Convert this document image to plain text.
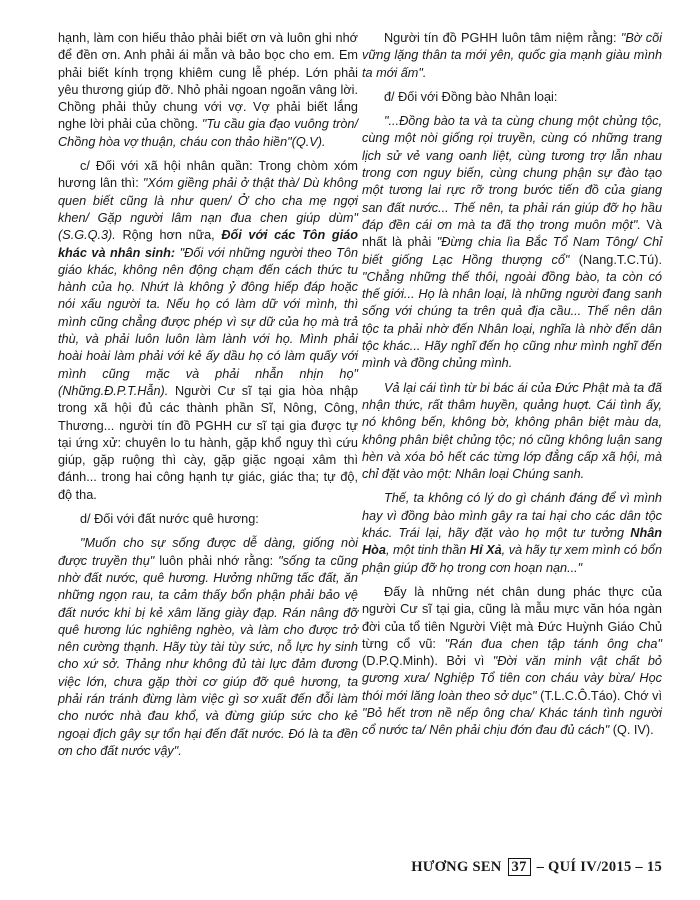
hạnh, làm con hiếu thảo phải biết ơn và luôn ghi nhớ để đền ơn. Anh phải ái mẫn và bảo bọc cho em. Em phải biết kính trọng khiêm cung lễ phép. Lớn phải yêu thương giúp đỡ. Nhỏ phải ngoan ngoãn vâng lời. Chồng phải thủy chung với vợ. Vợ phải biết lắng nghe lời phải của chồng. "Tu cầu gia đạo vuông tròn/ Chồng hòa vợ thuận, cháu con thảo hiền"(Q.V).

c/ Đối với xã hội nhân quần: Trong chòm xóm hương lân thì: "Xóm giềng phải ở thật thà/ Dù không quen biết cũng là như quen/ Ở cho cha mẹ ngợi khen/ Gặp người lâm nạn đua chen giúp dùm" (S.G.Q.3). Rộng hơn nữa, Đối với các Tôn giáo khác và nhân sinh: "Đối với những người theo Tôn giáo khác, không nên động chạm đến cách thức tu hành của họ. Nhứt là không ỷ đông hiếp đáp hoặc nói xấu người ta. Nếu họ có làm dữ với mình, thì mình cũng chẳng được phép vì sự dữ của họ mà trả thù, và phải luôn luôn làm lành với họ. Mình phải hoài hoài làm phải với kẻ ấy dầu họ có làm quấy với mình cũng mặc và phải nhẫn nhịn họ" (Những.Đ.P.T.Hẫn). Người Cư sĩ tại gia hòa nhập trong xã hội đủ các thành phần Sĩ, Nông, Công, Thương... người tín đồ PGHH cư sĩ tại gia được tự tại ứng xử: chuyên lo tu hành, gặp khổ nguy thì cứu giúp, gặp ruộng thì cày, gặp giặc ngoại xâm thì đánh... trong hai công hạnh tự giác, giác tha; tự độ, độ tha.

d/ Đối với đất nước quê hương:

"Muốn cho sự sống được dễ dàng, giống nòi được truyền thụ" luôn phải nhớ rằng: "sống ta cũng nhờ đất nước, quê hương. Hưởng những tấc đất, ăn những ngọn rau, ta cảm thấy bổn phận phải bảo vệ đất nước khi bị kẻ xâm lăng giày đạp. Rán nâng đỡ quê hương lúc nghiêng nghèo, và làm cho được trở nên cường thạnh. Hãy tùy tài tùy sức, nỗ lực hy sinh cho xứ sở. Thảng như không đủ tài lực đảm đương việc lớn, chưa gặp thời cơ giúp đỡ quê hương, ta phải rán tránh đừng làm việc gì sơ xuất đến đỗi làm cho nước nhà đau khổ, và đừng giúp sức cho kẻ ngoại địch gây sự tổn hại đến đất nước. Đó là ta đền ơn cho đất nước vậy".

Người tín đồ PGHH luôn tâm niệm rằng: "Bờ cõi vững lặng thân ta mới yên, quốc gia mạnh giàu mình ta mới ấm".

đ/ Đối với Đồng bào Nhân loại:

"...Đồng bào ta và ta cùng chung một chủng tộc, cùng một nòi giống rọi truyền, cùng có những trang lịch sử vẻ vang oanh liệt, cùng tương trợ lẫn nhau trong cơn nguy biến, cùng chung phận sự đào tạo một tương lai rực rỡ trong bước tiến đồ của giang san đất nước... Thế nên, ta phải rán giúp đỡ họ hầu đáp đền cái ơn mà ta đã thọ trong muôn một". Và nhất là phải "Đừng chia lìa Bắc Tổ Nam Tông/ Chỉ biết giống Lạc Hồng thượng cổ" (Nang.T.C.Tú). "Chẳng những thế thôi, ngoài đồng bào, ta còn có thế giới... Họ là nhân loại, là những người đang sanh sống với chúng ta trên quả địa cầu... Thế nên dân tộc ta phải nhờ đến Nhân loại, nghĩa là nhờ đến dân tộc khác... Hãy nghĩ đến họ cũng như mình nghĩ đến mình và đồng chủng mình.

Vả lại cái tình từ bi bác ái của Đức Phật mà ta đã nhận thức, rất thâm huyền, quảng huợt. Cái tình ấy, nó không bến, không bờ, không phân biệt màu da, không phân biệt chủng tộc; nó cũng không luận sang hèn và xóa bỏ hết các từng lớp đẳng cấp xã hội, mà chỉ đặt vào một: Nhân loại Chúng sanh.

Thế, ta không có lý do gì chánh đáng để vì mình hay vì đồng bào mình gây ra tai hại cho các dân tộc khác. Trái lại, hãy đặt vào họ một tư tưởng Nhân Hòa, một tinh thần Hỉ Xả, và hãy tự xem mình có bổn phận giúp đỡ họ trong cơn hoạn nạn..."

Đấy là những nét chân dung phác thực của người Cư sĩ tại gia, cũng là mẫu mực văn hóa ngàn đời của tổ tiên Người Việt mà Đức Huỳnh Giáo Chủ từng cổ vũ: "Rán đua chen tập tánh ông cha"(D.P.Q.Minh). Bởi vì "Đời văn minh vật chất bỏ gương xưa/ Nghiệp Tổ tiên con cháu vày bừa/ Học thói mới lăng loàn theo sở dục" (T.L.C.Ô.Táo). Chớ vì "Bỏ hết trơn nề nếp ông cha/ Khác tánh tình người cổ nước ta/ Nên phải chịu đớn đau đủ cách" (Q. IV).

HƯƠNG SEN 37 – QUÍ IV/2015 – 15
